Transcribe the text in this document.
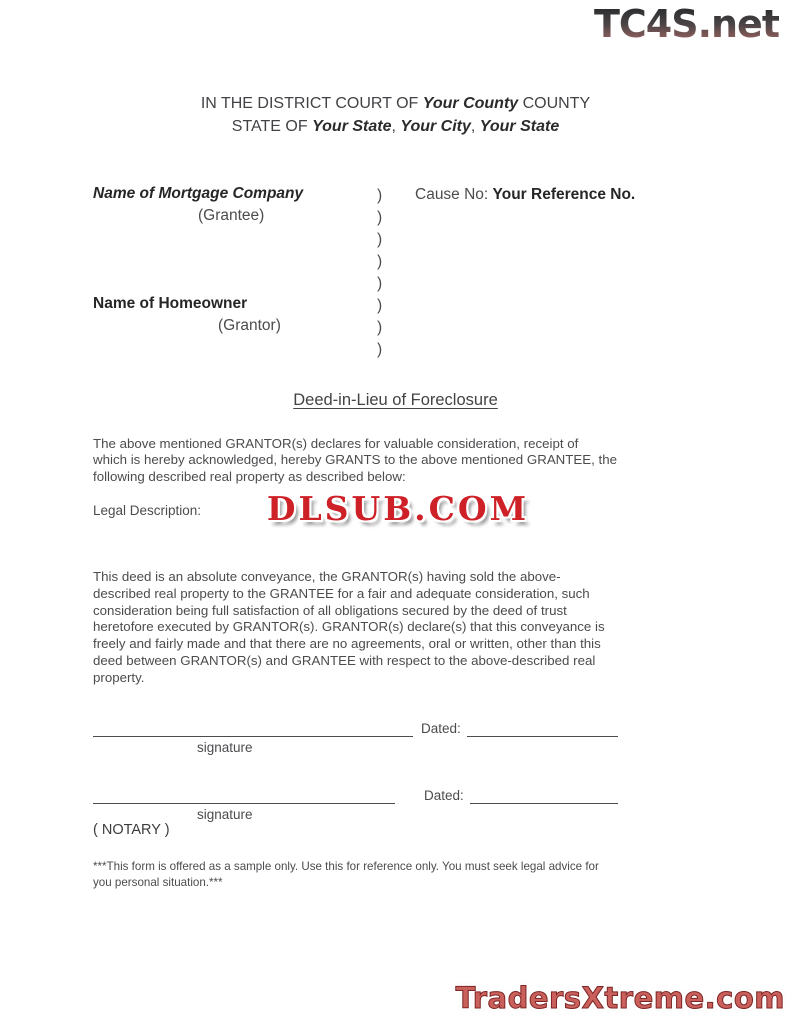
TC4S.net
IN THE DISTRICT COURT OF Your County COUNTY
STATE OF Your State, Your City, Your State
Name of Mortgage Company
(Grantee)
Name of Homeowner
(Grantor)
)
)
)
)
)
)
)
)
Cause No: Your Reference No.
Deed-in-Lieu of Foreclosure
The above mentioned GRANTOR(s) declares for valuable consideration, receipt of
which is hereby acknowledged, hereby GRANTS to the above mentioned GRANTEE, the
following described real property as described below:
Legal Description: DLSUB.COM
This deed is an absolute conveyance, the GRANTOR(s) having sold the above-
described real property to the GRANTEE for a fair and adequate consideration, such
consideration being full satisfaction of all obligations secured by the deed of trust
heretofore executed by GRANTOR(s). GRANTOR(s) declare(s) that this conveyance is
freely and fairly made and that there are no agreements, oral or written, other than this
deed between GRANTOR(s) and GRANTEE with respect to the above-described real
property.
Dated:
signature
Dated:
signature
( NOTARY )
***This form is offered as a sample only. Use this for reference only. You must seek legal advice for
you personal situation.***
TradersXtreme.com
